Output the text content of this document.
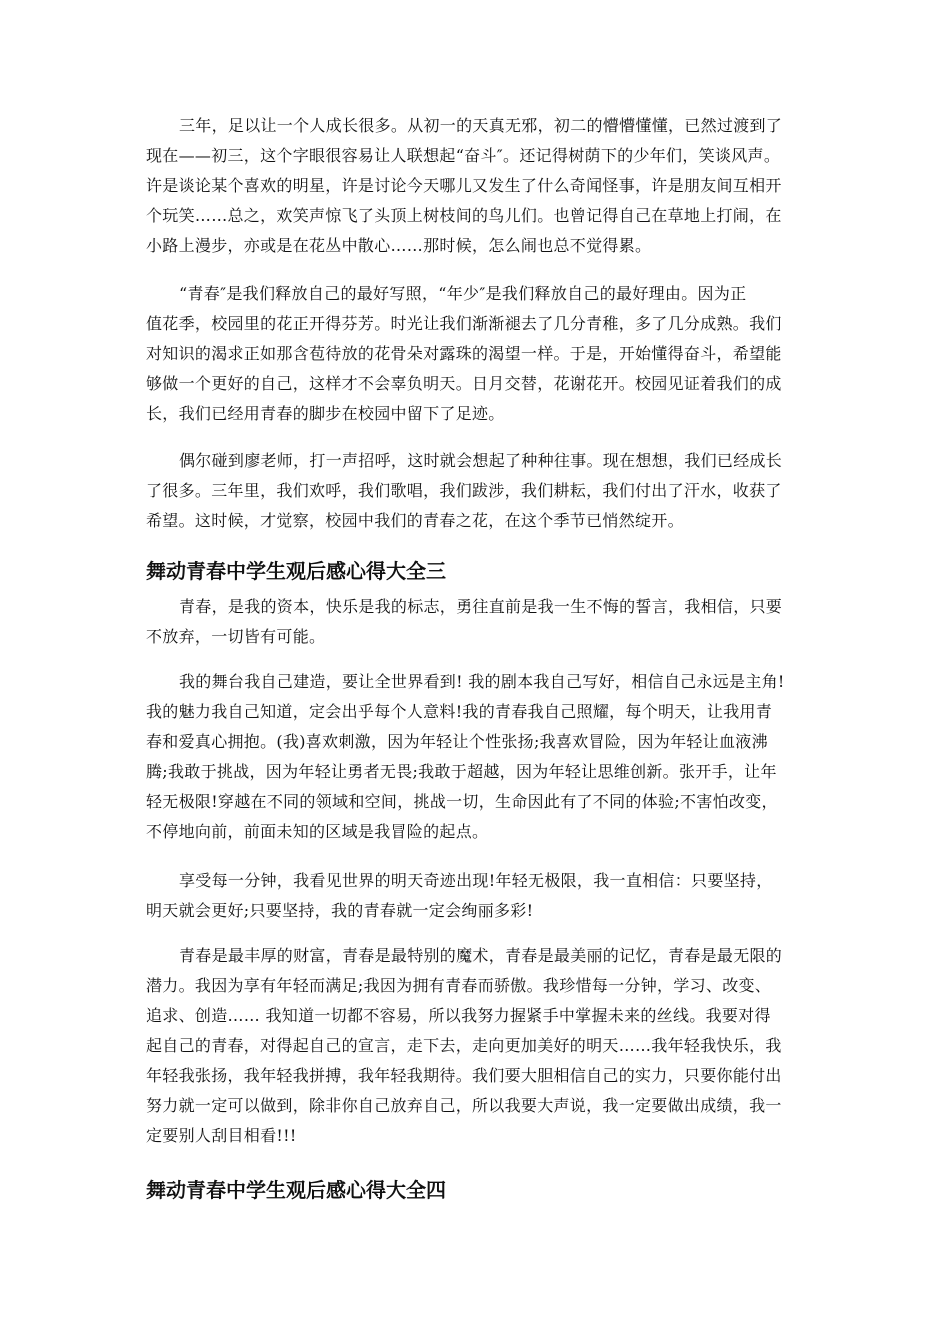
三年，足以让一个人成长很多。从初一的天真无邪，初二的懵懵懂懂，已然过渡到了
现在——初三，这个字眼很容易让人联想起“奋斗″。还记得树荫下的少年们，笑谈风声。
许是谈论某个喜欢的明星，许是讨论今天哪儿又发生了什么奇闻怪事，许是朋友间互相开
个玩笑……总之，欢笑声惊飞了头顶上树枝间的鸟儿们。也曾记得自己在草地上打闹，在
小路上漫步，亦或是在花丛中散心……那时候，怎么闹也总不觉得累。
“青春″是我们释放自己的最好写照，“年少″是我们释放自己的最好理由。因为正
值花季，校园里的花正开得芬芳。时光让我们渐渐褪去了几分青稚，多了几分成熟。我们
对知识的渴求正如那含苞待放的花骨朵对露珠的渴望一样。于是，开始懂得奋斗，希望能
够做一个更好的自己，这样才不会辜负明天。日月交替，花谢花开。校园见证着我们的成
长，我们已经用青春的脚步在校园中留下了足迹。
偶尔碰到廖老师，打一声招呼，这时就会想起了种种往事。现在想想，我们已经成长
了很多。三年里，我们欢呼，我们歌唱，我们跋涉，我们耕耘，我们付出了汗水，收获了
希望。这时候，才觉察，校园中我们的青春之花，在这个季节已悄然绽开。
舞动青春中学生观后感心得大全三
青春，是我的资本，快乐是我的标志，勇往直前是我一生不悔的誓言，我相信，只要
不放弃，一切皆有可能。
我的舞台我自己建造，要让全世界看到! 我的剧本我自己写好，相信自己永远是主角!
我的魅力我自己知道，定会出乎每个人意料!我的青春我自己照耀，每个明天，让我用青
春和爱真心拥抱。(我)喜欢刺激，因为年轻让个性张扬;我喜欢冒险，因为年轻让血液沸
腾;我敢于挑战，因为年轻让勇者无畏;我敢于超越，因为年轻让思维创新。张开手，让年
轻无极限!穿越在不同的领域和空间，挑战一切，生命因此有了不同的体验;不害怕改变，
不停地向前，前面未知的区域是我冒险的起点。
享受每一分钟，我看见世界的明天奇迹出现!年轻无极限，我一直相信：只要坚持，
明天就会更好;只要坚持，我的青春就一定会绚丽多彩!
青春是最丰厚的财富，青春是最特别的魔术，青春是最美丽的记忆，青春是最无限的
潜力。我因为享有年轻而满足;我因为拥有青春而骄傲。我珍惜每一分钟，学习、改变、
追求、创造…… 我知道一切都不容易，所以我努力握紧手中掌握未来的丝线。我要对得
起自己的青春，对得起自己的宣言，走下去，走向更加美好的明天……我年轻我快乐，我
年轻我张扬，我年轻我拼搏，我年轻我期待。我们要大胆相信自己的实力，只要你能付出
努力就一定可以做到，除非你自己放弃自己，所以我要大声说，我一定要做出成绩，我一
定要别人刮目相看!!!
舞动青春中学生观后感心得大全四
